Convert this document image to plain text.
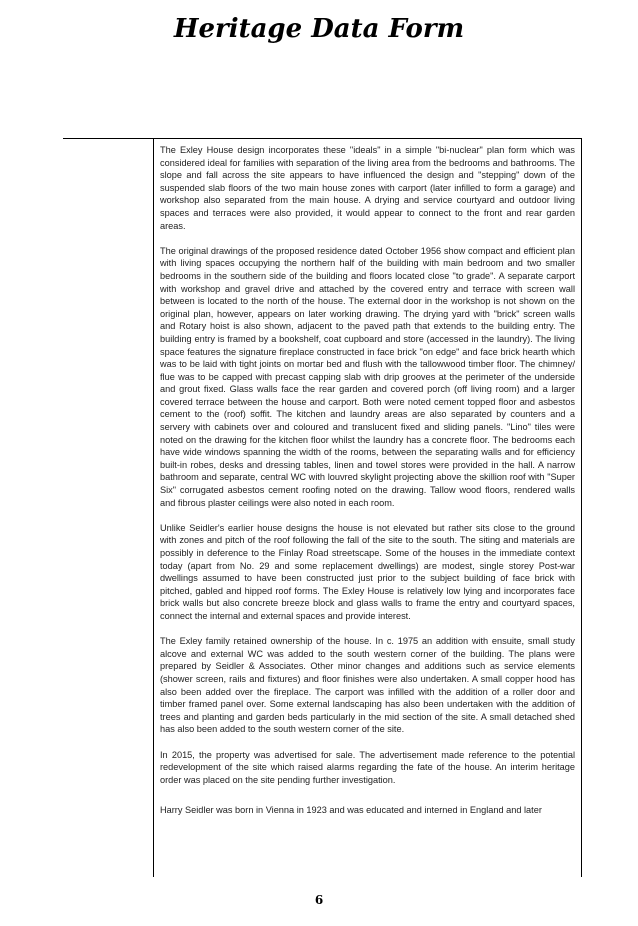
Heritage Data Form

The Exley House design incorporates these "ideals" in a simple "bi-nuclear" plan form which was considered ideal for families with separation of the living area from the bedrooms and bathrooms. The slope and fall across the site appears to have influenced the design and "stepping" down of the suspended slab floors of the two main house zones with carport (later infilled to form a garage) and workshop also separated from the main house. A drying and service courtyard and outdoor living spaces and terraces were also provided, it would appear to connect to the front and rear garden areas.

The original drawings of the proposed residence dated October 1956 show compact and efficient plan with living spaces occupying the northern half of the building with main bedroom and two smaller bedrooms in the southern side of the building and floors located close "to grade". A separate carport with workshop and gravel drive and attached by the covered entry and terrace with screen wall between is located to the north of the house. The external door in the workshop is not shown on the original plan, however, appears on later working drawing. The drying yard with "brick" screen walls and Rotary hoist is also shown, adjacent to the paved path that extends to the building entry. The building entry is framed by a bookshelf, coat cupboard and store (accessed in the laundry). The living space features the signature fireplace constructed in face brick "on edge" and face brick hearth which was to be laid with tight joints on mortar bed and flush with the tallowwood timber floor. The chimney/ flue was to be capped with precast capping slab with drip grooves at the perimeter of the underside and grout fixed. Glass walls face the rear garden and covered porch (off living room) and a larger covered terrace between the house and carport. Both were noted cement topped floor and asbestos cement to the (roof) soffit. The kitchen and laundry areas are also separated by counters and a servery with cabinets over and coloured and translucent fixed and sliding panels. "Lino" tiles were noted on the drawing for the kitchen floor whilst the laundry has a concrete floor. The bedrooms each have wide windows spanning the width of the rooms, between the separating walls and for efficiency built-in robes, desks and dressing tables, linen and towel stores were provided in the hall. A narrow bathroom and separate, central WC with louvred skylight projecting above the skillion roof with "Super Six" corrugated asbestos cement roofing noted on the drawing. Tallow wood floors, rendered walls and fibrous plaster ceilings were also noted in each room.

Unlike Seidler's earlier house designs the house is not elevated but rather sits close to the ground with zones and pitch of the roof following the fall of the site to the south. The siting and materials are possibly in deference to the Finlay Road streetscape. Some of the houses in the immediate context today (apart from No. 29 and some replacement dwellings) are modest, single storey Post-war dwellings assumed to have been constructed just prior to the subject building of face brick with pitched, gabled and hipped roof forms. The Exley House is relatively low lying and incorporates face brick walls but also concrete breeze block and glass walls to frame the entry and courtyard spaces, connect the internal and external spaces and provide interest.

The Exley family retained ownership of the house. In c. 1975 an addition with ensuite, small study alcove and external WC was added to the south western corner of the building. The plans were prepared by Seidler & Associates. Other minor changes and additions such as service elements (shower screen, rails and fixtures) and floor finishes were also undertaken. A small copper hood has also been added over the fireplace. The carport was infilled with the addition of a roller door and timber framed panel over. Some external landscaping has also been undertaken with the addition of trees and planting and garden beds particularly in the mid section of the site. A small detached shed has also been added to the south western corner of the site.

In 2015, the property was advertised for sale. The advertisement made reference to the potential redevelopment of the site which raised alarms regarding the fate of the house. An interim heritage order was placed on the site pending further investigation.

Harry Seidler was born in Vienna in 1923 and was educated and interned in England and later

6
